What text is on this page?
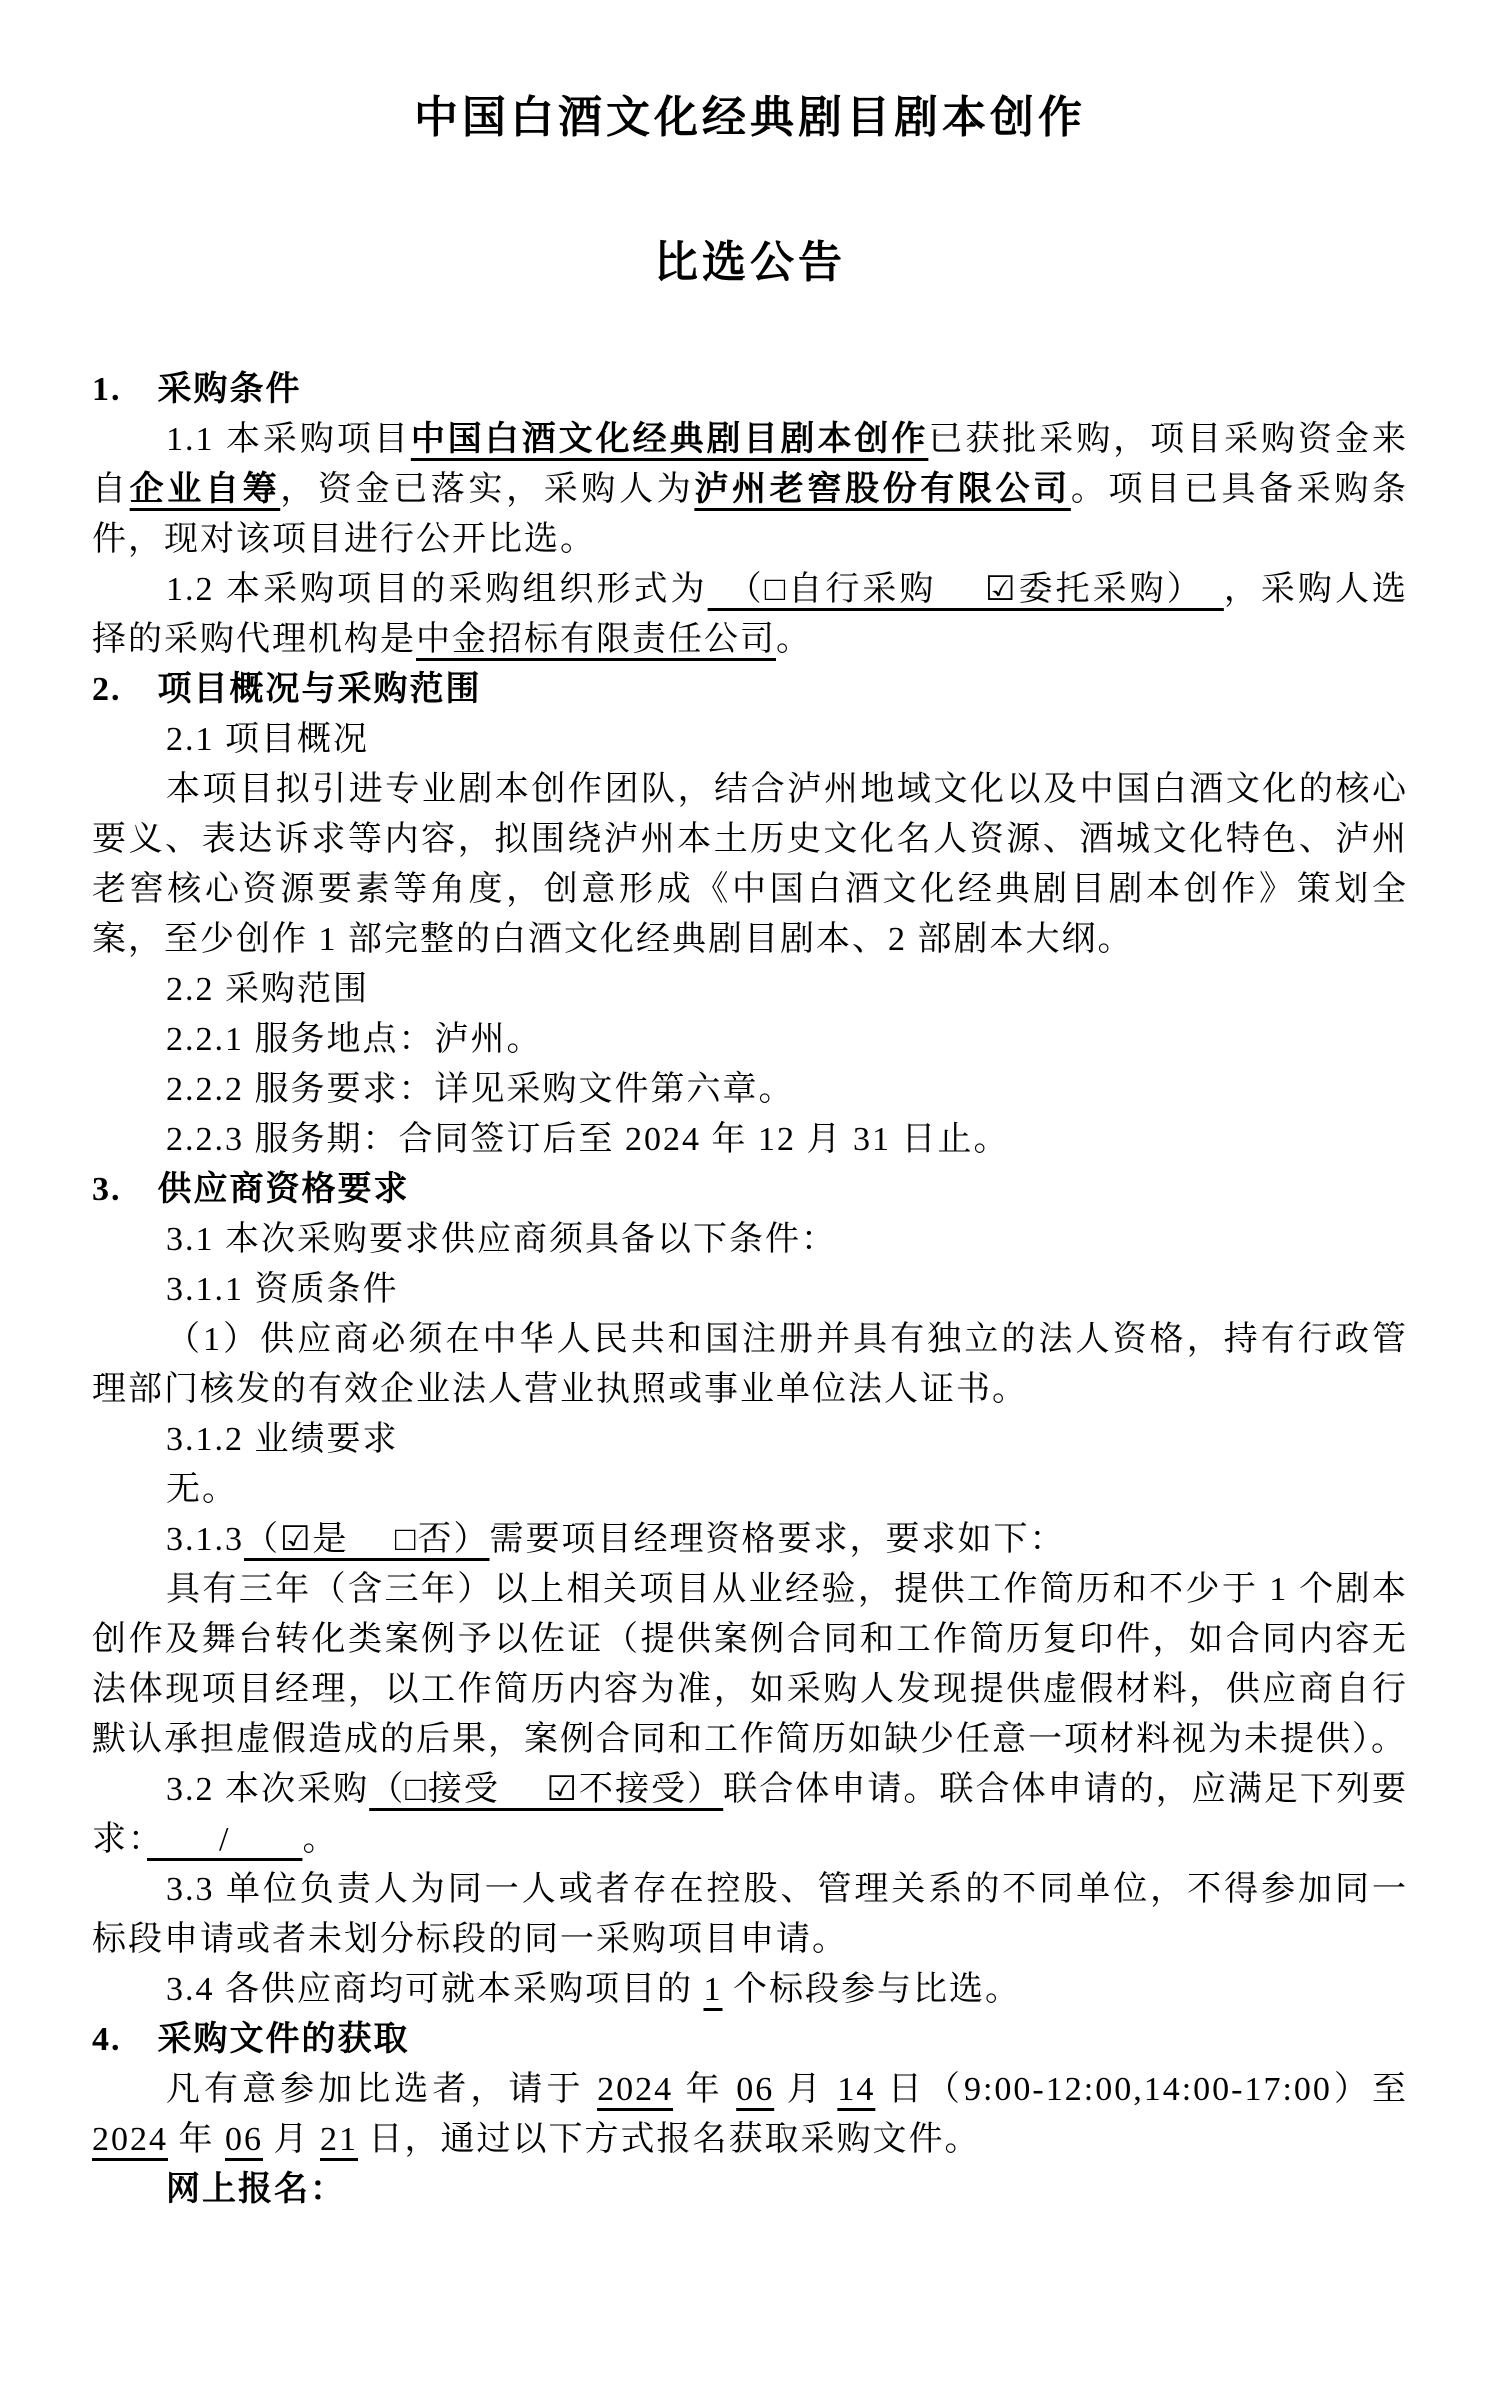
中国白酒文化经典剧目剧本创作
比选公告

1.　采购条件

1.1 本采购项目中国白酒文化经典剧目剧本创作已获批采购，项目采购资金来自企业自筹，资金已落实，采购人为泸州老窖股份有限公司。项目已具备采购条件，现对该项目进行公开比选。

1.2 本采购项目的采购组织形式为　（□自行采购　 ☑委托采购）　，采购人选择的采购代理机构是中金招标有限责任公司。

2.　项目概况与采购范围

2.1 项目概况

本项目拟引进专业剧本创作团队，结合泸州地域文化以及中国白酒文化的核心要义、表达诉求等内容，拟围绕泸州本土历史文化名人资源、酒城文化特色、泸州老窖核心资源要素等角度，创意形成《中国白酒文化经典剧目剧本创作》策划全案，至少创作 1 部完整的白酒文化经典剧目剧本、2 部剧本大纲。

2.2 采购范围

2.2.1 服务地点：泸州。

2.2.2 服务要求：详见采购文件第六章。

2.2.3 服务期：合同签订后至 2024 年 12 月 31 日止。

3.　供应商资格要求

3.1 本次采购要求供应商须具备以下条件：

3.1.1 资质条件

（1）供应商必须在中华人民共和国注册并具有独立的法人资格，持有行政管理部门核发的有效企业法人营业执照或事业单位法人证书。

3.1.2 业绩要求

无。

3.1.3（☑是　 □否）需要项目经理资格要求，要求如下：

具有三年（含三年）以上相关项目从业经验，提供工作简历和不少于 1 个剧本创作及舞台转化类案例予以佐证（提供案例合同和工作简历复印件，如合同内容无法体现项目经理，以工作简历内容为准，如采购人发现提供虚假材料，供应商自行默认承担虚假造成的后果，案例合同和工作简历如缺少任意一项材料视为未提供）。

3.2 本次采购（□接受　 ☑不接受）联合体申请。联合体申请的，应满足下列要求：　　/　　。

3.3 单位负责人为同一人或者存在控股、管理关系的不同单位，不得参加同一标段申请或者未划分标段的同一采购项目申请。

3.4 各供应商均可就本采购项目的 1 个标段参与比选。

4.　采购文件的获取

凡有意参加比选者，请于 2024 年 06 月 14 日（9:00-12:00,14:00-17:00）至 2024 年 06 月 21 日，通过以下方式报名获取采购文件。

网上报名：
